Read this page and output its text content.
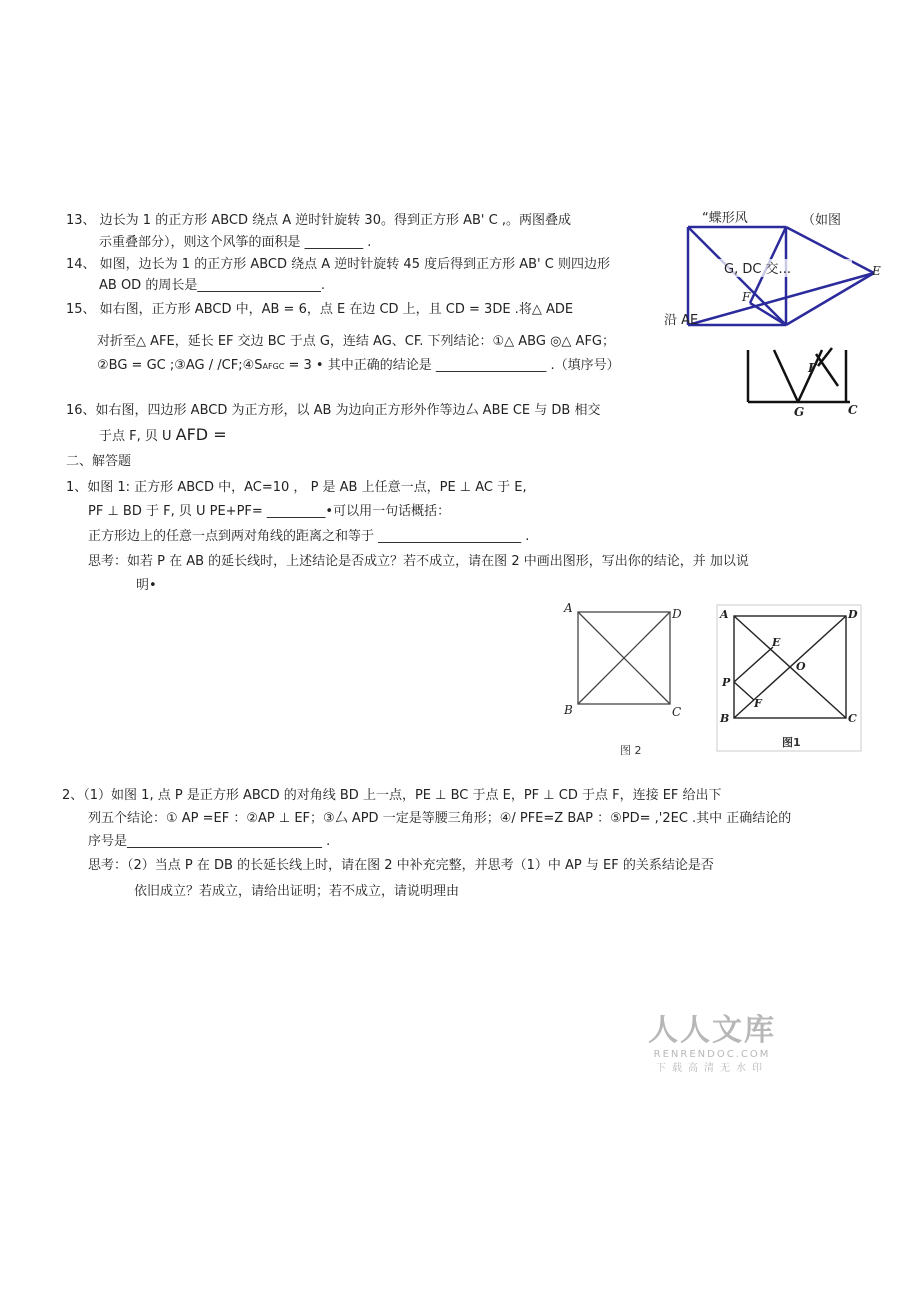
13、 边长为 1 的正方形 ABCD 绕点 A 逆时针旋转 30。得到正方形 AB' C ,。两图叠成
示重叠部分），则这个风筝的面积是 _________ .
14、 如图，边长为 1 的正方形 ABCD 绕点 A 逆时针旋转 45 度后得到正方形 AB' C 则四边形
AB OD 的周长是___________________.
15、 如右图，正方形 ABCD 中，AB = 6，点 E 在边 CD 上，且 CD = 3DE .将△ ADE
对折至△ AFE，延长 EF 交边 BC 于点 G，连结 AG、CF. 下列结论：①△ ABG ◎△ AFG；
②BG = GC ;③AG / /CF;④SAFGC = 3 • 其中正确的结论是 _________________ .（填序号）
16、如右图，四边形 ABCD 为正方形，以 AB 为边向正方形外作等边厶 ABE CE 与 DB 相交
于点 F, 贝 U AFD =
二、解答题
1、如图 1: 正方形 ABCD 中，AC=10 ， P 是 AB 上任意一点，PE ⊥ AC 于 E,
PF ⊥ BD 于 F, 贝 U PE+PF= _________•可以用一句话概括：
正方形边上的任意一点到两对角线的距离之和等于 ______________________ .
思考：如若 P 在 AB 的延长线时，上述结论是否成立？若不成立，请在图 2 中画出图形，写出你的结论，并 加以说
明•
2、（1）如图 1, 点 P 是正方形 ABCD 的对角线 BD 上一点，PE ⊥ BC 于点 E，PF ⊥ CD 于点 F，连接 EF 给出下
列五个结论：① AP =EF ：②AP ⊥ EF；③厶 APD 一定是等腰三角形；④/ PFE=Z BAP ：⑤PD= ,'2EC .其中 正确结论的
序号是______________________________ .
思考：（2）当点 P 在 DB 的长延长线上时，请在图 2 中补充完整，并思考（1）中 AP 与 EF 的关系结论是否
依旧成立？若成立，请给出证明；若不成立，请说明理由
“蝶形风	（如图
G, DC 交...	E
F
沿 AE
F
G	C
A	D
B	C
图 2
A	D
B	C
E
F
O
P
图1
人人文库
RENRENDOC.COM
下载高清无水印
